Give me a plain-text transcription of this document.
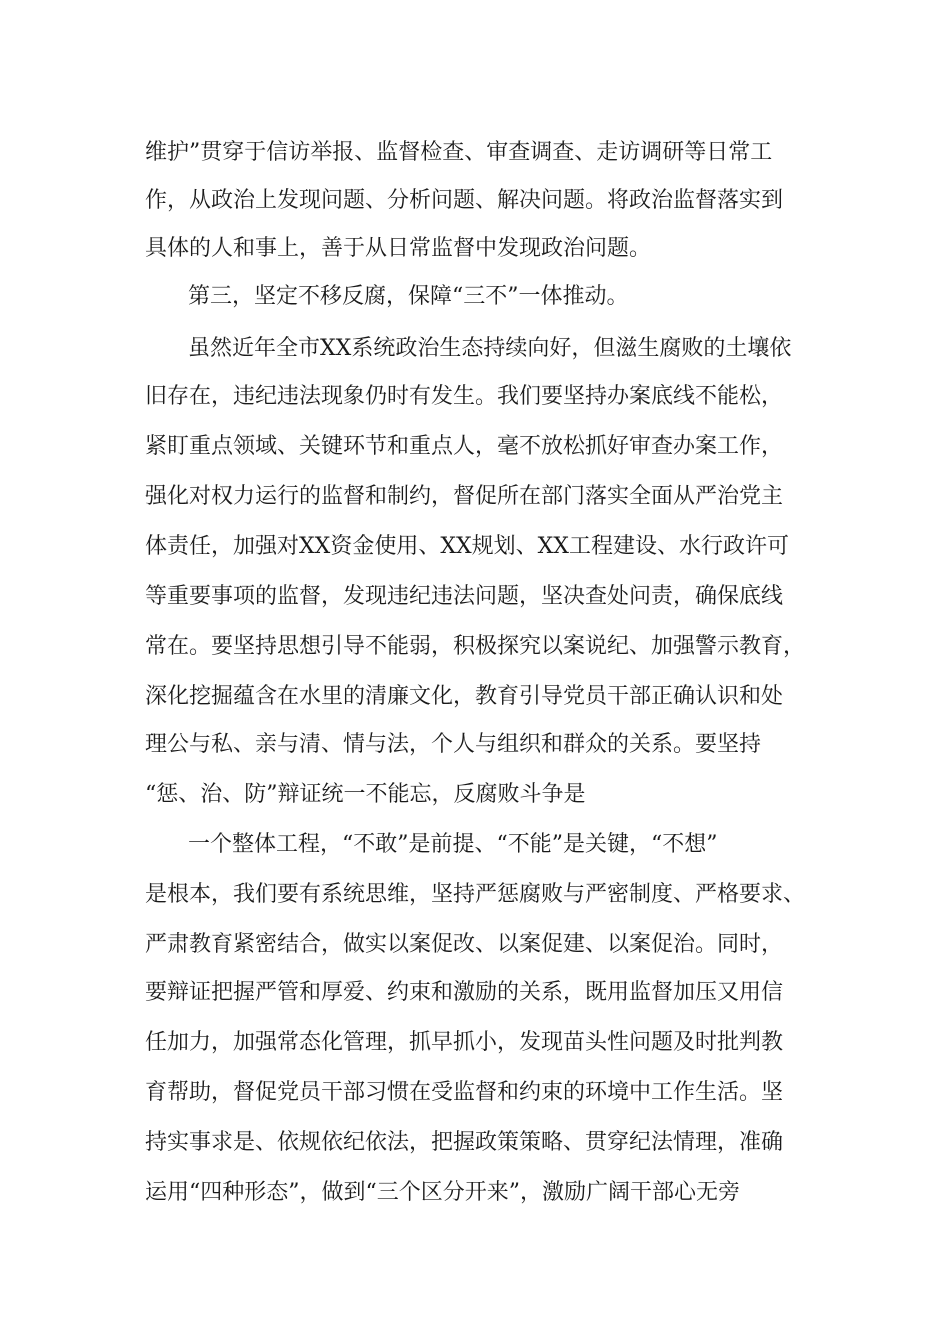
维护”贯穿于信访举报、监督检查、审查调查、走访调研等日常工
作，从政治上发现问题、分析问题、解决问题。将政治监督落实到
具体的人和事上，善于从日常监督中发现政治问题。
第三，坚定不移反腐，保障“三不”一体推动。
虽然近年全市XX系统政治生态持续向好，但滋生腐败的土壤依
旧存在，违纪违法现象仍时有发生。我们要坚持办案底线不能松，
紧盯重点领域、关键环节和重点人，毫不放松抓好审查办案工作，
强化对权力运行的监督和制约，督促所在部门落实全面从严治党主
体责任，加强对XX资金使用、XX规划、XX工程建设、水行政许可
等重要事项的监督，发现违纪违法问题，坚决查处问责，确保底线
常在。要坚持思想引导不能弱，积极探究以案说纪、加强警示教育，
深化挖掘蕴含在水里的清廉文化，教育引导党员干部正确认识和处
理公与私、亲与清、情与法，个人与组织和群众的关系。要坚持
“惩、治、防”辩证统一不能忘，反腐败斗争是
一个整体工程，“不敢”是前提、“不能”是关键，“不想”
是根本，我们要有系统思维，坚持严惩腐败与严密制度、严格要求、
严肃教育紧密结合，做实以案促改、以案促建、以案促治。同时，
要辩证把握严管和厚爱、约束和激励的关系，既用监督加压又用信
任加力，加强常态化管理，抓早抓小，发现苗头性问题及时批判教
育帮助，督促党员干部习惯在受监督和约束的环境中工作生活。坚
持实事求是、依规依纪依法，把握政策策略、贯穿纪法情理，准确
运用“四种形态”，做到“三个区分开来”，激励广阔干部心无旁
